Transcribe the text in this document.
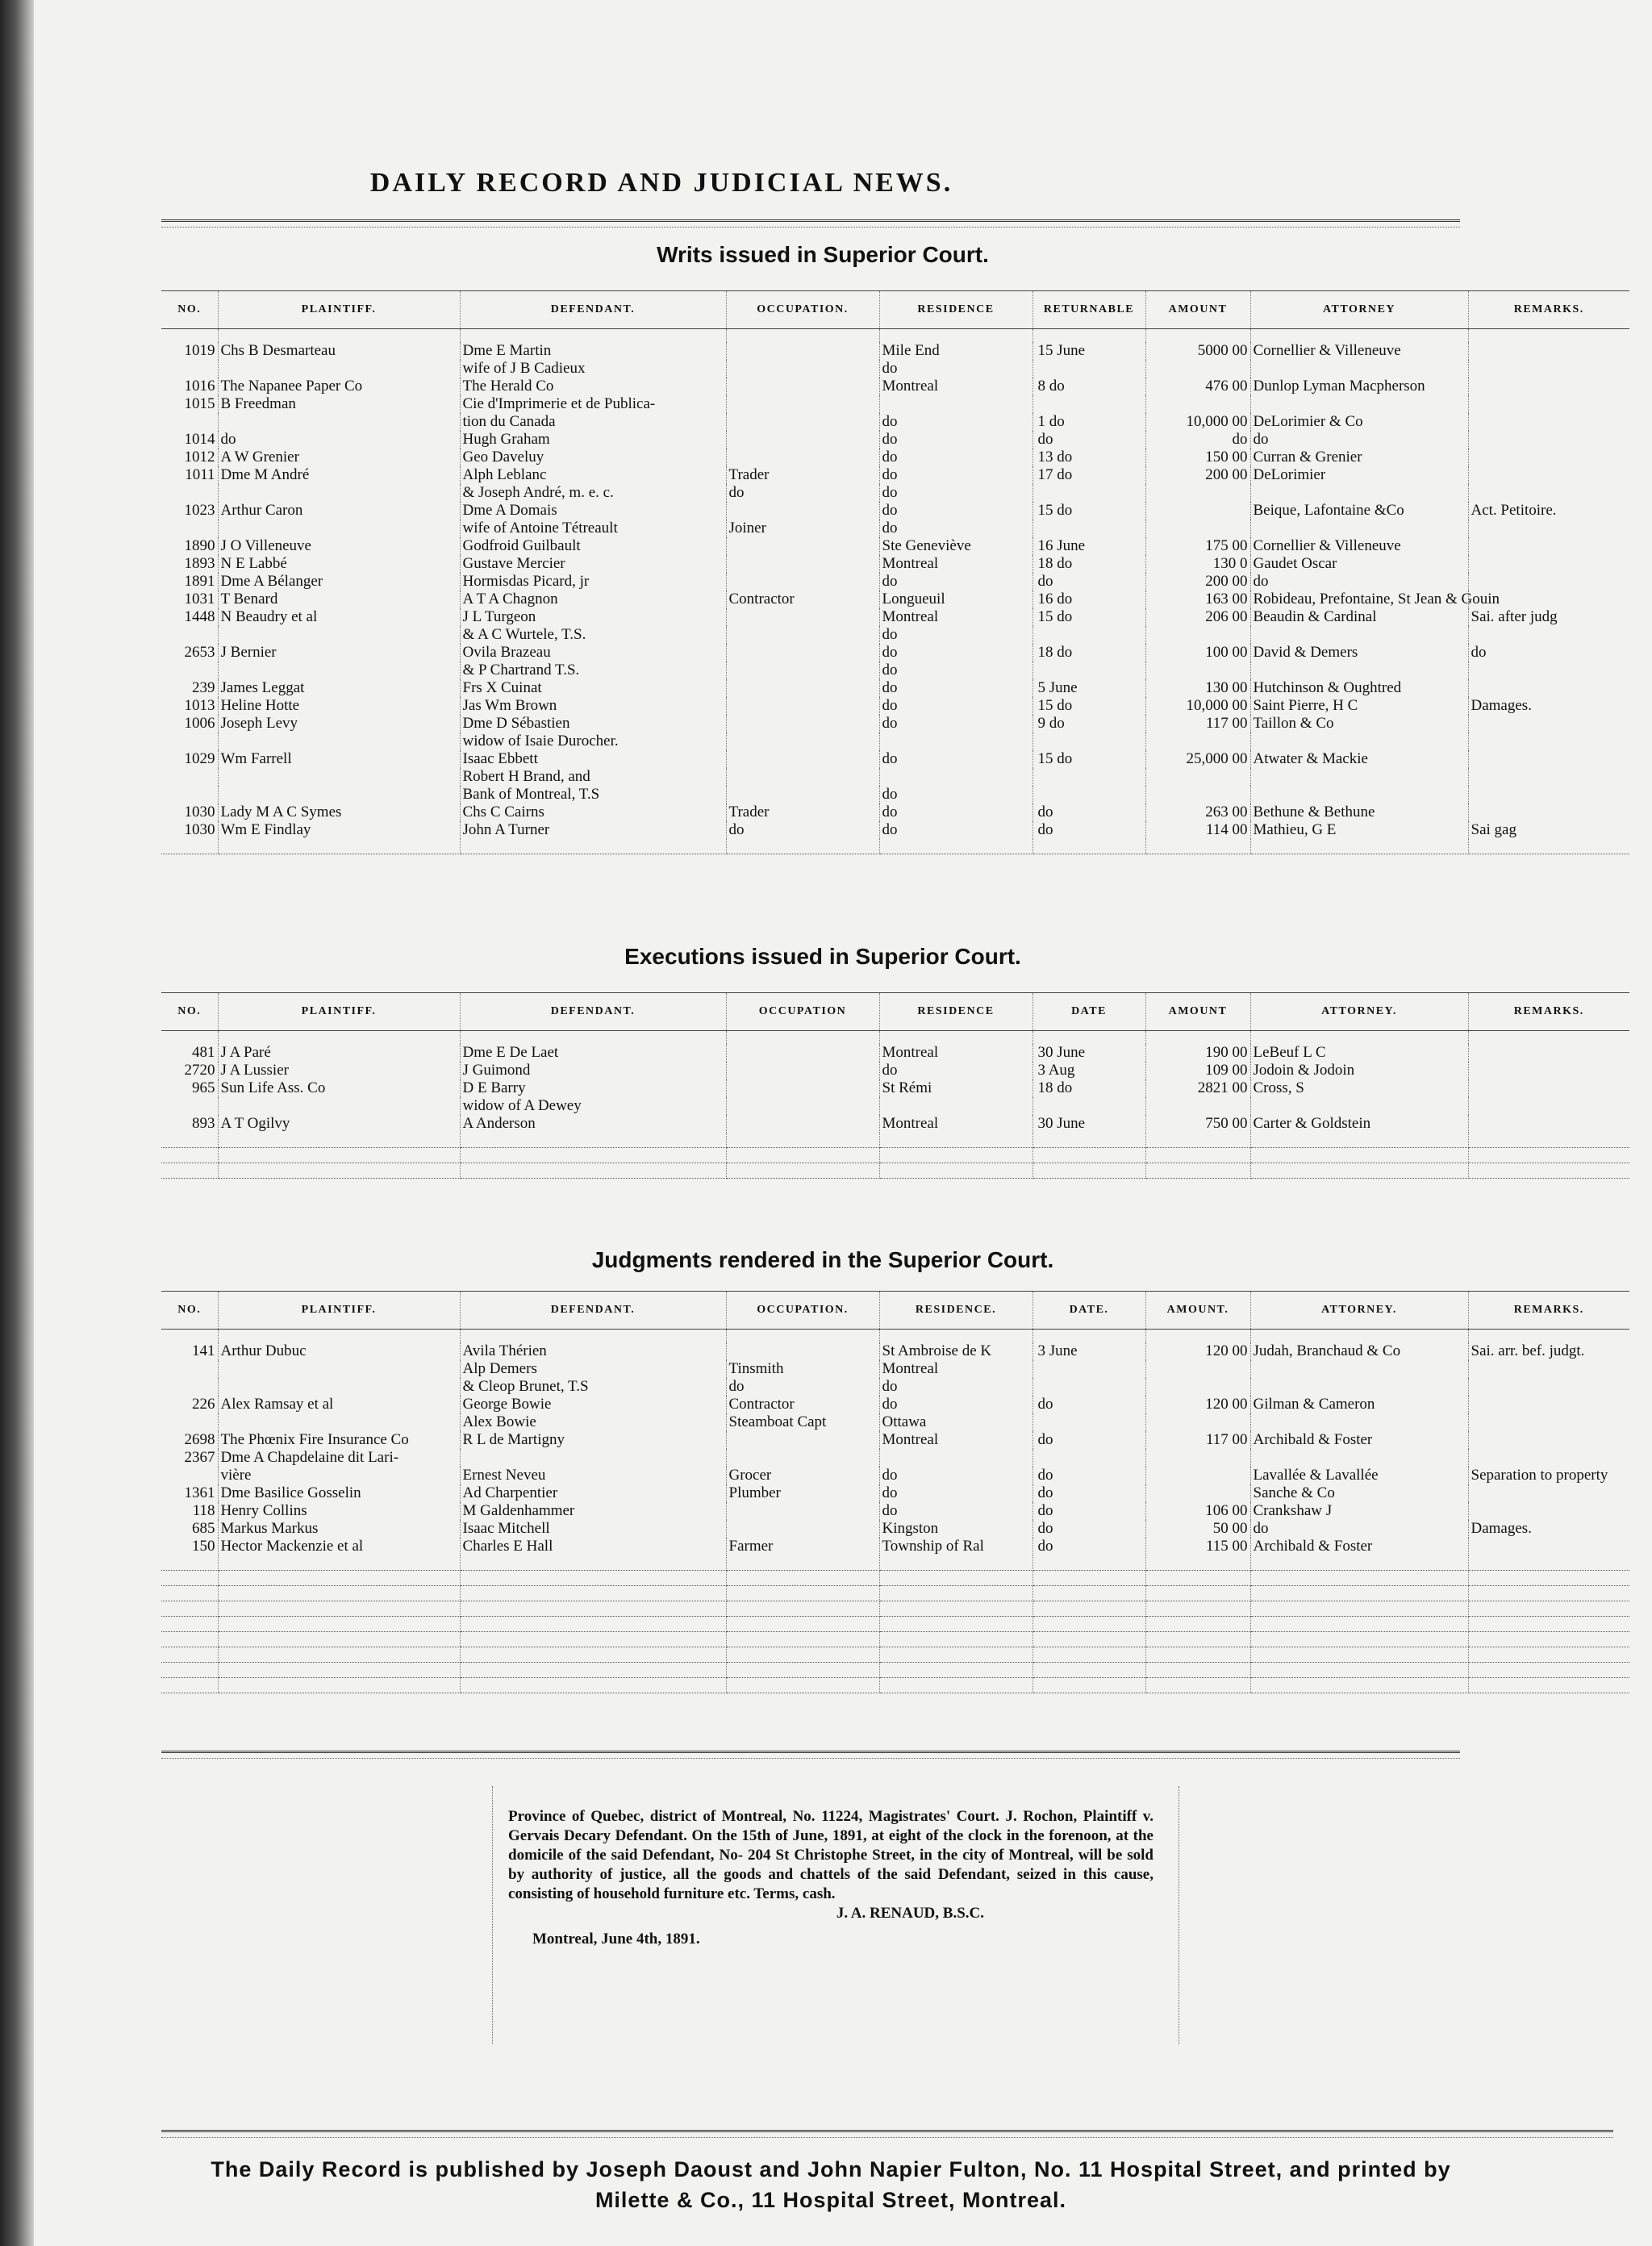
DAILY RECORD AND JUDICIAL NEWS.
Writs issued in Superior Court.
NO.	PLAINTIFF.	DEFENDANT.	OCCUPATION.	RESIDENCE	RETURNABLE	AMOUNT	ATTORNEY	REMARKS.

1019	Chs B Desmarteau	Dme E Martin		Mile End	15 June	5000 00	Cornellier & Villeneuve	
		wife of J B Cadieux		do				
1016	The Napanee Paper Co	The Herald Co		Montreal	8 do	476 00	Dunlop Lyman Macpherson	
1015	B Freedman	Cie d'Imprimerie et de Publica-						
		tion du Canada		do	1 do	10,000 00	DeLorimier & Co	
1014	do	Hugh Graham		do	do	do	do	
1012	A W Grenier	Geo Daveluy		do	13 do	150 00	Curran & Grenier	
1011	Dme M André	Alph Leblanc	Trader	do	17 do	200 00	DeLorimier	
		& Joseph André, m. e. c.	do	do				
1023	Arthur Caron	Dme A Domais		do	15 do		Beique, Lafontaine &Co	Act. Petitoire.
		wife of Antoine Tétreault	Joiner	do				
1890	J O Villeneuve	Godfroid Guilbault		Ste Geneviève	16 June	175 00	Cornellier & Villeneuve	
1893	N E Labbé	Gustave Mercier		Montreal	18 do	130 0	Gaudet Oscar	
1891	Dme A Bélanger	Hormisdas Picard, jr		do	do	200 00	do	
1031	T Benard	A T A Chagnon	Contractor	Longueuil	16 do	163 00	Robideau, Prefontaine, St Jean & Gouin	
1448	N Beaudry et al	J L Turgeon		Montreal	15 do	206 00	Beaudin & Cardinal	Sai. after judg
		& A C Wurtele, T.S.		do				
2653	J Bernier	Ovila Brazeau		do	18 do	100 00	David & Demers	do
		& P Chartrand T.S.		do				
239	James Leggat	Frs X Cuinat		do	5 June	130 00	Hutchinson & Oughtred	
1013	Heline Hotte	Jas Wm Brown		do	15 do	10,000 00	Saint Pierre, H C	Damages.
1006	Joseph Levy	Dme D Sébastien		do	9 do	117 00	Taillon & Co	
		widow of Isaie Durocher.						
1029	Wm Farrell	Isaac Ebbett		do	15 do	25,000 00	Atwater & Mackie	
		Robert H Brand, and						
		Bank of Montreal, T.S		do				
1030	Lady M A C Symes	Chs C Cairns	Trader	do	do	263 00	Bethune & Bethune	
1030	Wm E Findlay	John A Turner	do	do	do	114 00	Mathieu, G E	Sai gag

Executions issued in Superior Court.
NO.	PLAINTIFF.	DEFENDANT.	OCCUPATION	RESIDENCE	DATE	AMOUNT	ATTORNEY.	REMARKS.

481	J A Paré	Dme E De Laet		Montreal	30 June	190 00	LeBeuf L C	
2720	J A Lussier	J Guimond		do	3 Aug	109 00	Jodoin & Jodoin	
965	Sun Life Ass. Co	D E Barry		St Rémi	18 do	2821 00	Cross, S	
		widow of A Dewey						
893	A T Ogilvy	A Anderson		Montreal	30 June	750 00	Carter & Goldstein	

Judgments rendered in the Superior Court.
NO.	PLAINTIFF.	DEFENDANT.	OCCUPATION.	RESIDENCE.	DATE.	AMOUNT.	ATTORNEY.	REMARKS.

141	Arthur Dubuc	Avila Thérien		St Ambroise de K	3 June	120 00	Judah, Branchaud & Co	Sai. arr. bef. judgt.
		Alp Demers	Tinsmith	Montreal				
		& Cleop Brunet, T.S	do	do				
226	Alex Ramsay et al	George Bowie	Contractor	do	do	120 00	Gilman & Cameron	
		Alex Bowie	Steamboat Capt	Ottawa				
2698	The Phœnix Fire Insurance Co	R L de Martigny		Montreal	do	117 00	Archibald & Foster	
2367	Dme A Chapdelaine dit Lari-							
	vière	Ernest Neveu	Grocer	do	do		Lavallée & Lavallée	Separation to property
1361	Dme Basilice Gosselin	Ad Charpentier	Plumber	do	do		Sanche & Co	
118	Henry Collins	M Galdenhammer		do	do	106 00	Crankshaw J	
685	Markus Markus	Isaac Mitchell		Kingston	do	50 00	do	Damages.
150	Hector Mackenzie et al	Charles E Hall	Farmer	Township of Ral	do	115 00	Archibald & Foster	

Province of Quebec, district of Montreal, No. 11224, Magistrates' Court. J. Rochon, Plaintiff v. Gervais Decary Defendant. On the 15th of June, 1891, at eight of the clock in the forenoon, at the domicile of the said Defendant, No- 204 St Christophe Street, in the city of Montreal, will be sold by authority of justice, all the goods and chattels of the said Defendant, seized in this cause, consisting of household furniture etc. Terms, cash.

J. A. RENAUD, B.S.C.

Montreal, June 4th, 1891.

The Daily Record is published by Joseph Daoust and John Napier Fulton, No. 11 Hospital Street, and printed by
Milette & Co., 11 Hospital Street, Montreal.
